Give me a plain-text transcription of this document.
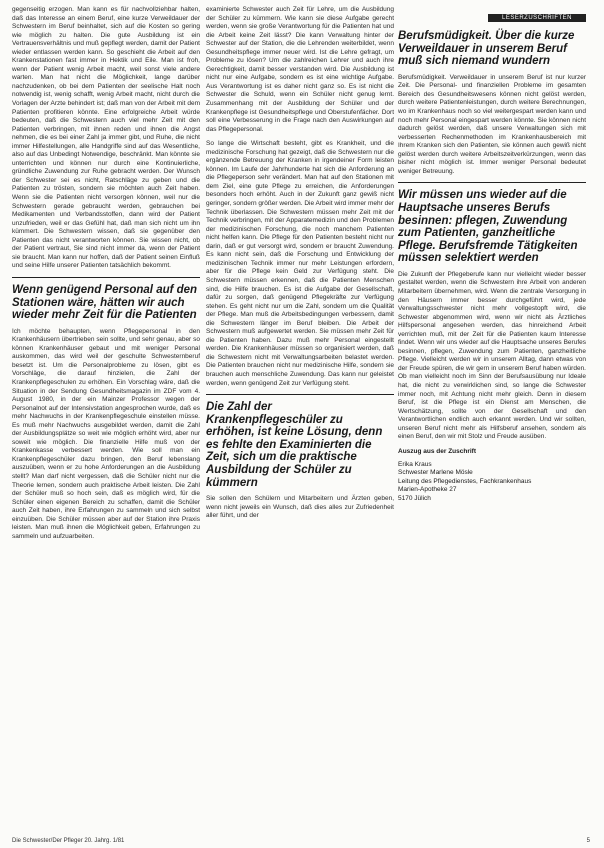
gegenseitig erzogen. Man kann es für nachvollziehbar halten, daß das Interesse an einem Beruf, eine kurze Verweildauer der Schwestern im Beruf beinhaltet, sich auf die Kosten so gering wie möglich zu halten. Die gute Ausbildung ist ein Vertrauensverhältnis und muß gepflegt werden, damit der Patient wieder entlassen werden kann. So geschieht die Arbeit auf den Krankenstationen fast immer in Hektik und Eile. Man ist froh, wenn der Patient wenig Arbeit macht, weil sonst viele andere warten. Man hat nicht die Möglichkeit, lange darüber nachzudenken, ob bei dem Patienten der seelische Halt noch notwendig ist, wenig schafft, wenig Arbeit macht, nicht durch die Vorlagen der Arzte behindert ist; daß man von der Arbeit mit dem Patienten profitieren könnte. Eine erfolgreiche Arbeit würde bedeuten, daß die Schwestern auch viel mehr Zeit mit den Patienten verbringen, mit ihnen reden und ihnen die Angst nehmen, die es bei einer Zahl ja immer gibt, und Ruhe, die nicht immer Hilfestellungen, alle Handgriffe sind auf das Wesentliche, also auf das Unbedingt Notwendige, beschränkt. Man könnte sie unterrichten und können nur durch eine Kontinuierliche, gründliche Zuwendung zur Ruhe gebracht werden. Der Wunsch der Schwester sei es nicht, Ratschläge zu geben und die Patienten zu trösten, sondern sie möchten auch Zeit haben. Wenn sie die Patienten nicht versorgen können, weil nur die Schwestern gerade gebraucht werden, gebrauchen bei Medikamenten und Verbandsstoffen, dann wird der Patient unzufrieden, weil er das Gefühl hat, daß man sich nicht um ihn kümmert. Die Schwestern wissen, daß sie gegenüber den Patienten das nicht verantworten können. Sie wissen nicht, ob der Patient vertraut, Sie sind nicht immer da, wenn der Patient sie braucht. Man kann nur hoffen, daß der Patient seinen Einfluß und seine Hilfe unserer Patienten tatsächlich bekommt.

Wenn genügend Personal auf den Stationen wäre, hätten wir auch wieder mehr Zeit für die Patienten

Ich möchte behaupten, wenn Pflegepersonal in den Krankenhäusern übertrieben sein sollte, und sehr genau, aber so können Krankenhäuser gebaut und mit weniger Personal auskommen, das wird weil der geschulte Schwesternberuf besetzt ist. Um die Personalprobleme zu lösen, gibt es Vorschläge, die darauf hinzielen, die Zahl der Krankenpflegeschulen zu erhöhen. Ein Vorschlag wäre, daß die Situation in der Sendung Gesundheitsmagazin im ZDF vom 4. August 1980, in der ein Mainzer Professor wegen der Personalnot auf der Intensivstation angesprochen wurde, daß es mehr Nachwuchs in der Krankenpflegeschule einstellen müsse. Es muß mehr Nachwuchs ausgebildet werden, damit die Zahl der Ausbildungsplätze so weit wie möglich erhöht wird, aber nur soweit wie möglich. Die finanzielle Hilfe muß von der Krankenkasse verbessert werden. Wie soll man ein Krankenpflegeschüler dazu bringen, den Beruf lebenslang auszuüben, wenn er zu hohe Anforderungen an die Ausbildung stellt? Man darf nicht vergessen, daß die Schüler nicht nur die Theorie lernen, sondern auch praktische Arbeit leisten. Die Zahl der Schüler muß so hoch sein, daß es möglich wird, für die Schüler einen eigenen Bereich zu schaffen, damit die Schüler auch Zeit haben, ihre Erfahrungen zu sammeln und sich selbst einzuüben. Die Schüler müssen aber auf der Station ihre Praxis leisten. Man muß ihnen die Möglichkeit geben, Erfahrungen zu sammeln und aufzuarbeiten.

examinierte Schwester auch Zeit für Lehre, um die Ausbildung der Schüler zu kümmern. Wie kann sie diese Aufgabe gerecht werden, wenn sie große Verantwortung für die Patienten hat und die Arbeit keine Zeit lässt? Die kann Verwaltung hinter der Schwester auf der Station, die die Lehrenden weiterbildet, wenn Gesundheitspflege immer neuer wird. Ist die Lehre gefragt, um Probleme zu lösen? Um die zahlreichen Lehrer und auch ihre Gerechtigkeit, damit besser verstanden wird. Die Ausbildung ist nicht nur eine Aufgabe, sondern es ist eine wichtige Aufgabe. Aus Verantwortung ist es daher nicht ganz so. Es ist nicht die Schwester die Schuld, wenn ein Schüler nicht genug lernt. Zusammenhang mit der Ausbildung der Schüler und der Krankenpflege ist Gesundheitspflege und Oberstufenfächer. Dort soll eine Verbesserung in die Frage nach den Auswirkungen auf das Pflegepersonal.

So lange die Wirtschaft besteht, gibt es Krankheit, und die medizinische Forschung hat gezeigt, daß die Schwestern nur die ergänzende Betreuung der Kranken in irgendeiner Form leisten können. Im Laufe der Jahrhunderte hat sich die Anforderung an die Pflegeperson sehr verändert. Man hat auf den Stationen mit dem Ziel, eine gute Pflege zu erreichen, die Anforderungen besonders hoch erhöht. Auch in der Zukunft ganz gewiß nicht geringer, sondern größer werden. Die Arbeit wird immer mehr der Technik überlassen. Die Schwestern müssen mehr Zeit mit der Technik verbringen, mit der Apparatemedizin und den Problemen der medizinischen Forschung, die noch manchem Patienten nicht helfen kann. Die Pflege für den Patienten besteht nicht nur darin, daß er gut versorgt wird, sondern er braucht Zuwendung. Es kann nicht sein, daß die Forschung und Entwicklung der medizinischen Technik immer nur mehr Leistungen erfordern, aber für die Pflege kein Geld zur Verfügung steht. Die Schwestern müssen erkennen, daß die Patienten Menschen sind, die Hilfe brauchen. Es ist die Aufgabe der Gesellschaft, dafür zu sorgen, daß genügend Pflegekräfte zur Verfügung stehen. Es geht nicht nur um die Zahl, sondern um die Qualität der Pflege. Man muß die Arbeitsbedingungen verbessern, damit die Schwestern länger im Beruf bleiben. Die Arbeit der Schwestern muß aufgewertet werden. Sie müssen mehr Zeit für die Patienten haben. Dazu muß mehr Personal eingestellt werden. Die Krankenhäuser müssen so organisiert werden, daß die Schwestern nicht mit Verwaltungsarbeiten belastet werden. Die Patienten brauchen nicht nur medizinische Hilfe, sondern sie brauchen auch menschliche Zuwendung. Das kann nur geleistet werden, wenn genügend Zeit zur Verfügung steht.

Die Zahl der Krankenpflegeschüler zu erhöhen, ist keine Lösung, denn es fehlte den Examinierten die Zeit, sich um die praktische Ausbildung der Schüler zu kümmern

Sie sollen den Schülern und Mitarbeitern und Ärzten geben, wenn nicht jeweils ein Wunsch, daß dies alles zur Zufriedenheit aller führt, und der

LESERZUSCHRIFTEN

Berufsmüdigkeit. Über die kurze Verweildauer in unserem Beruf muß sich niemand wundern

Berufsmüdigkeit. Verweildauer in unserem Beruf ist nur kurzer Zeit. Die Personal- und finanziellen Probleme im gesamten Bereich des Gesundheitswesens können nicht gelöst werden, durch weitere Patientenleistungen, durch weitere Berechnungen, wo im Krankenhaus noch so viel weitergespart werden kann und noch mehr Personal eingespart werden könnte. Sie können nicht dadurch gelöst werden, daß unsere Verwaltungen sich mit verbesserten Rechenmethoden im Krankenhausbereich mit Ihrem Kranken sich den Patienten, sie können auch gewiß nicht gelöst werden durch weitere Arbeitszeitverkürzungen, wenn das bisher nicht möglich ist. Immer weniger Personal bedeutet weniger Betreuung.

Wir müssen uns wieder auf die Hauptsache unseres Berufs besinnen: pflegen, Zuwendung zum Patienten, ganzheitliche Pflege. Berufsfremde Tätigkeiten müssen selektiert werden

Die Zukunft der Pflegeberufe kann nur vielleicht wieder besser gestaltet werden, wenn die Schwestern ihre Arbeit von anderen Mitarbeitern übernehmen, wird. Wenn die zentrale Versorgung in den Häusern immer besser durchgeführt wird, jede Verwaltungsschwester nicht mehr vollgestopft wird, die Schwester abgenommen wird, wenn wir nicht als Ärztliches Hilfspersonal angesehen werden, das hinreichend Arbeit verrichten muß, mit der Zeit für die Patienten kaum Interesse findet. Wenn wir uns wieder auf die Hauptsache unseres Berufes besinnen, pflegen, Zuwendung zum Patienten, ganzheitliche Pflege. Vielleicht werden wir in unserem Alltag, dann etwas von der Freude spüren, die wir gern in unserem Beruf haben würden. Ob man vielleicht noch im Sinn der Berufsausübung nur Ideale hat, die nicht zu verwirklichen sind, so lange die Schwester immer noch, mit Achtung nicht mehr gleich. Denn in diesem Beruf, ist die Pflege ist ein Dienst am Menschen, die Wertschätzung, sollte von der Gesellschaft und den Verantwortlichen endlich auch erkannt werden. Und wir sollten, unseren Beruf nicht mehr als Hilfsberuf ansehen, sondern als einen Beruf, den wir mit Stolz und Freude ausüben.

Auszug aus der Zuschrift

Erika Kraus

Schwester Marlene Mösle

Leitung des Pflegedienstes, Fachkrankenhaus

Marien-Apotheke 27

5170 Jülich

Die Schwester/Der Pfleger 20. Jahrg. 1/81	5
